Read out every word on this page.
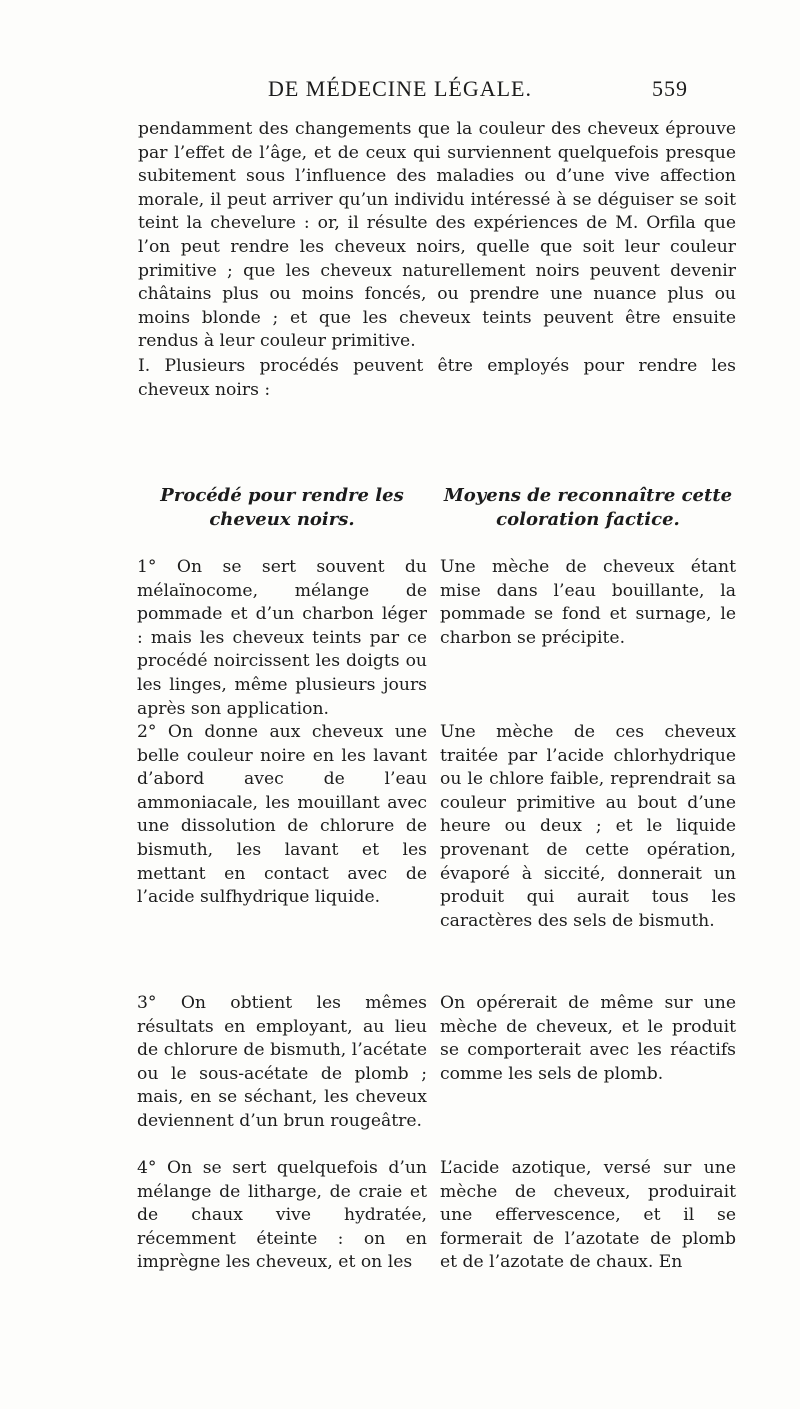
DE MÉDECINE LÉGALE.	559

pendamment des changements que la couleur des cheveux éprouve par l’effet de l’âge, et de ceux qui surviennent quelquefois presque subitement sous l’influence des maladies ou d’une vive affection morale, il peut arriver qu’un individu intéressé à se déguiser se soit teint la chevelure : or, il résulte des expériences de M. Orfila que l’on peut rendre les cheveux noirs, quelle que soit leur couleur primitive ; que les cheveux naturellement noirs peuvent devenir châtains plus ou moins foncés, ou prendre une nuance plus ou moins blonde ; et que les cheveux teints peuvent être ensuite rendus à leur couleur primitive.

I. Plusieurs procédés peuvent être employés pour rendre les cheveux noirs :

Procédé pour rendre les cheveux noirs.

1° On se sert souvent du mélaïnocome, mélange de pommade et d’un charbon léger : mais les cheveux teints par ce procédé noircissent les doigts ou les linges, même plusieurs jours après son application.

2° On donne aux cheveux une belle couleur noire en les lavant d’abord avec de l’eau ammoniacale, les mouillant avec une dissolution de chlorure de bismuth, les lavant et les mettant en contact avec de l’acide sulfhydrique liquide.

3° On obtient les mêmes résultats en employant, au lieu de chlorure de bismuth, l’acétate ou le sous-acétate de plomb ; mais, en se séchant, les cheveux deviennent d’un brun rougeâtre.

4° On se sert quelquefois d’un mélange de litharge, de craie et de chaux vive hydratée, récemment éteinte : on en imprègne les cheveux, et on les

Moyens de reconnaître cette coloration factice.

Une mèche de cheveux étant mise dans l’eau bouillante, la pommade se fond et surnage, le charbon se précipite.

Une mèche de ces cheveux traitée par l’acide chlorhydrique ou le chlore faible, reprendrait sa couleur primitive au bout d’une heure ou deux ; et le liquide provenant de cette opération, évaporé à siccité, donnerait un produit qui aurait tous les caractères des sels de bismuth.

On opérerait de même sur une mèche de cheveux, et le produit se comporterait avec les réactifs comme les sels de plomb.

L’acide azotique, versé sur une mèche de cheveux, produirait une effervescence, et il se formerait de l’azotate de plomb et de l’azotate de chaux. En
